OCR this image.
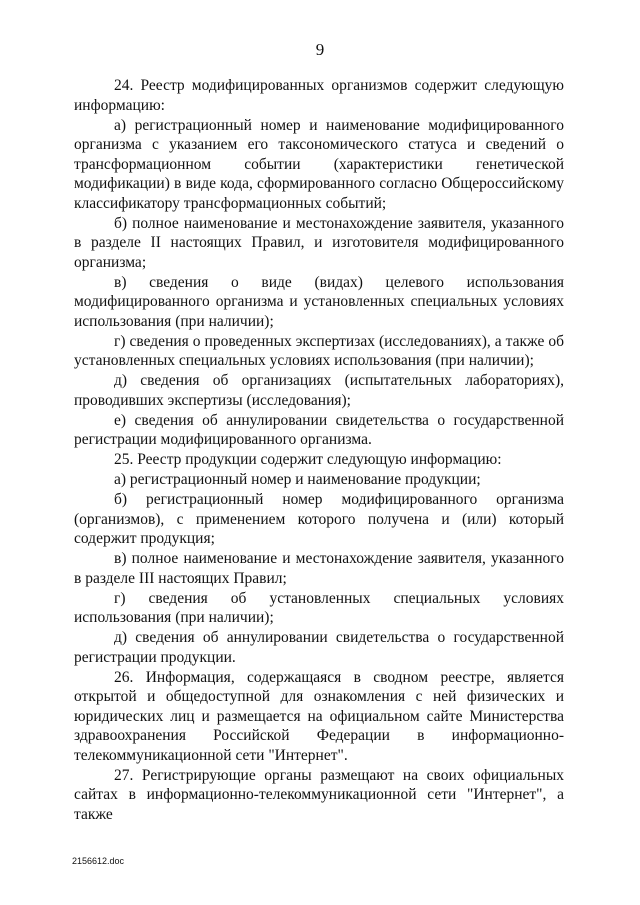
9

24. Реестр модифицированных организмов содержит следующую информацию:

а) регистрационный номер и наименование модифицированного организма с указанием его таксономического статуса и сведений о трансформационном событии (характеристики генетической модификации) в виде кода, сформированного согласно Общероссийскому классификатору трансформационных событий;

б) полное наименование и местонахождение заявителя, указанного в разделе II настоящих Правил, и изготовителя модифицированного организма;

в) сведения о виде (видах) целевого использования модифицированного организма и установленных специальных условиях использования (при наличии);

г) сведения о проведенных экспертизах (исследованиях), а также об установленных специальных условиях использования (при наличии);

д) сведения об организациях (испытательных лабораториях), проводивших экспертизы (исследования);

е) сведения об аннулировании свидетельства о государственной регистрации модифицированного организма.

25. Реестр продукции содержит следующую информацию:

а) регистрационный номер и наименование продукции;

б) регистрационный номер модифицированного организма (организмов), с применением которого получена и (или) который содержит продукция;

в) полное наименование и местонахождение заявителя, указанного в разделе III настоящих Правил;

г) сведения об установленных специальных условиях использования (при наличии);

д) сведения об аннулировании свидетельства о государственной регистрации продукции.

26. Информация, содержащаяся в сводном реестре, является открытой и общедоступной для ознакомления с ней физических и юридических лиц и размещается на официальном сайте Министерства здравоохранения Российской Федерации в информационно-телекоммуникационной сети "Интернет".

27. Регистрирующие органы размещают на своих официальных сайтах в информационно-телекоммуникационной сети "Интернет", а также

2156612.doc
